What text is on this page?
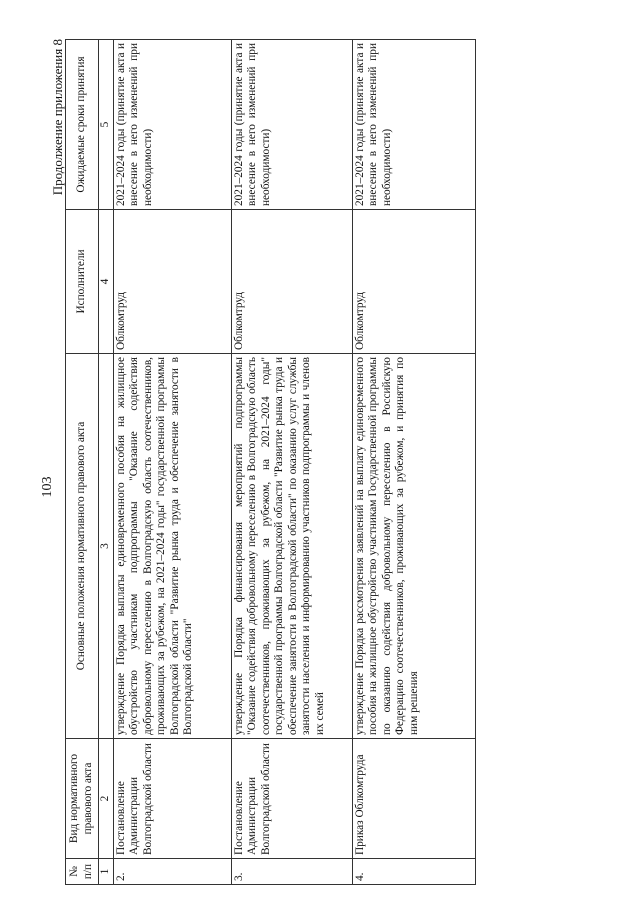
103
Продолжение приложения 8
№ п/п	Вид нормативного правового акта	Основные положения нормативного правового акта	Исполнители	Ожидаемые сроки принятия
1	2	3	4	5
2.	Постановление Администрации Волгоградской области	утверждение Порядка выплаты единовременного пособия на жилищное обустройство участникам подпрограммы "Оказание содействия добровольному переселению в Волгоградскую область соотечественников, проживающих за рубежом, на 2021–2024 годы" государственной программы Волгоградской области "Развитие рынка труда и обеспечение занятости в Волгоградской области"	Облкомтруд	2021–2024 годы (принятие акта и внесение в него изменений при необходимости)
3.	Постановление Администрации Волгоградской области	утверждение Порядка финансирования мероприятий подпрограммы "Оказание содействия добровольному переселению в Волгоградскую область соотечественников, проживающих за рубежом, на 2021–2024 годы" государственной программы Волгоградской области "Развитие рынка труда и обеспечение занятости в Волгоградской области" по оказанию услуг службы занятости населения и информированию участников подпрограммы и членов их семей	Облкомтруд	2021–2024 годы (принятие акта и внесение в него изменений при необходимости)
4.	Приказ Облкомтруда	утверждение Порядка рассмотрения заявлений на выплату единовременного пособия на жилищное обустройство участникам Государственной программы по оказанию содействия добровольному переселению в Российскую Федерацию соотечественников, проживающих за рубежом, и принятия по ним решения	Облкомтруд	2021–2024 годы (принятие акта и внесение в него изменений при необходимости)
